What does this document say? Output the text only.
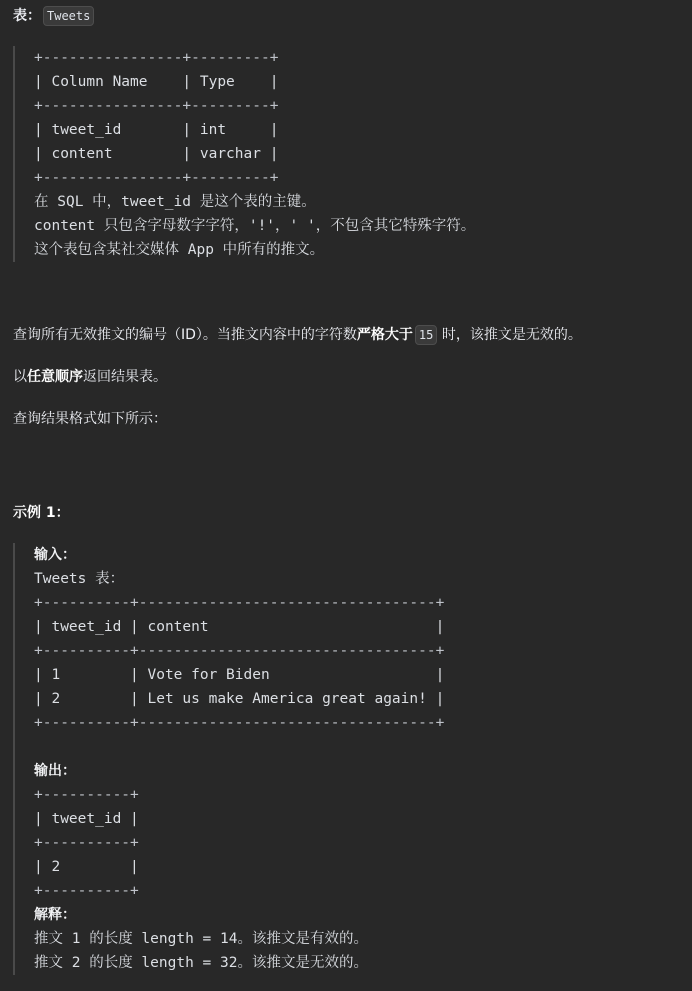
表： Tweets

+----------------+---------+
| Column Name    | Type    |
+----------------+---------+
| tweet_id       | int     |
| content        | varchar |
+----------------+---------+
在 SQL 中，tweet_id 是这个表的主键。
content 只包含字母数字字符，'!'，' '，不包含其它特殊字符。
这个表包含某社交媒体 App 中所有的推文。

查询所有无效推文的编号（ID）。当推文内容中的字符数严格大于 15 时，该推文是无效的。

以任意顺序返回结果表。

查询结果格式如下所示：

示例 1：

输入：
Tweets 表：
+----------+----------------------------------+
| tweet_id | content                          |
+----------+----------------------------------+
| 1        | Vote for Biden                   |
| 2        | Let us make America great again! |
+----------+----------------------------------+

输出：
+----------+
| tweet_id |
+----------+
| 2        |
+----------+
解释：
推文 1 的长度 length = 14。该推文是有效的。
推文 2 的长度 length = 32。该推文是无效的。
